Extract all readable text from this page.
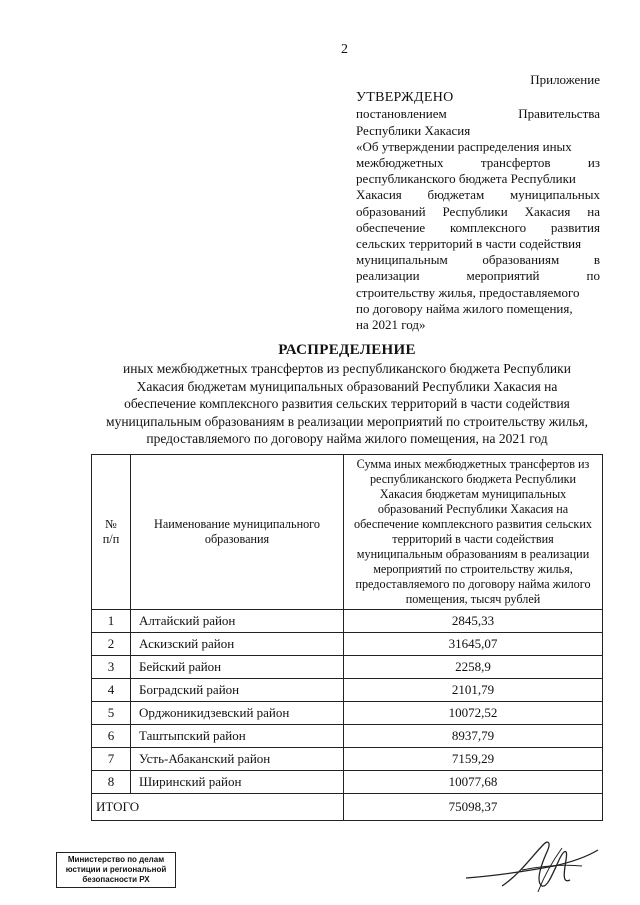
2
Приложение
УТВЕРЖДЕНО
постановлением	Правительства
Республики Хакасия
«Об утверждении распределения иных
межбюджетных	трансфертов	из
республиканского бюджета Республики
Хакасия бюджетам муниципальных
образований Республики Хакасия на
обеспечение комплексного развития
сельских территорий в части содействия
муниципальным	образованиям	в
реализации	мероприятий	по
строительству жилья, предоставляемого
по договору найма жилого помещения,
на 2021 год»
РАСПРЕДЕЛЕНИЕ
иных межбюджетных трансфертов из республиканского бюджета Республики
Хакасия бюджетам муниципальных образований Республики Хакасия на
обеспечение комплексного развития сельских территорий в части содействия
муниципальным образованиям в реализации мероприятий по строительству жилья,
предоставляемого по договору найма жилого помещения, на 2021 год
№
п/п	Наименование муниципального образования	Сумма иных межбюджетных трансфертов из республиканского бюджета Республики Хакасия бюджетам муниципальных образований Республики Хакасия на обеспечение комплексного развития сельских территорий в части содействия муниципальным образованиям в реализации мероприятий по строительству жилья, предоставляемого по договору найма жилого помещения, тысяч рублей
1	Алтайский район	2845,33
2	Аскизский район	31645,07
3	Бейский район	2258,9
4	Боградский район	2101,79
5	Орджоникидзевский район	10072,52
6	Таштыпский район	8937,79
7	Усть-Абаканский район	7159,29
8	Ширинский район	10077,68
ИТОГО		75098,37
Министерство по делам
юстиции и региональной
безопасности РХ
